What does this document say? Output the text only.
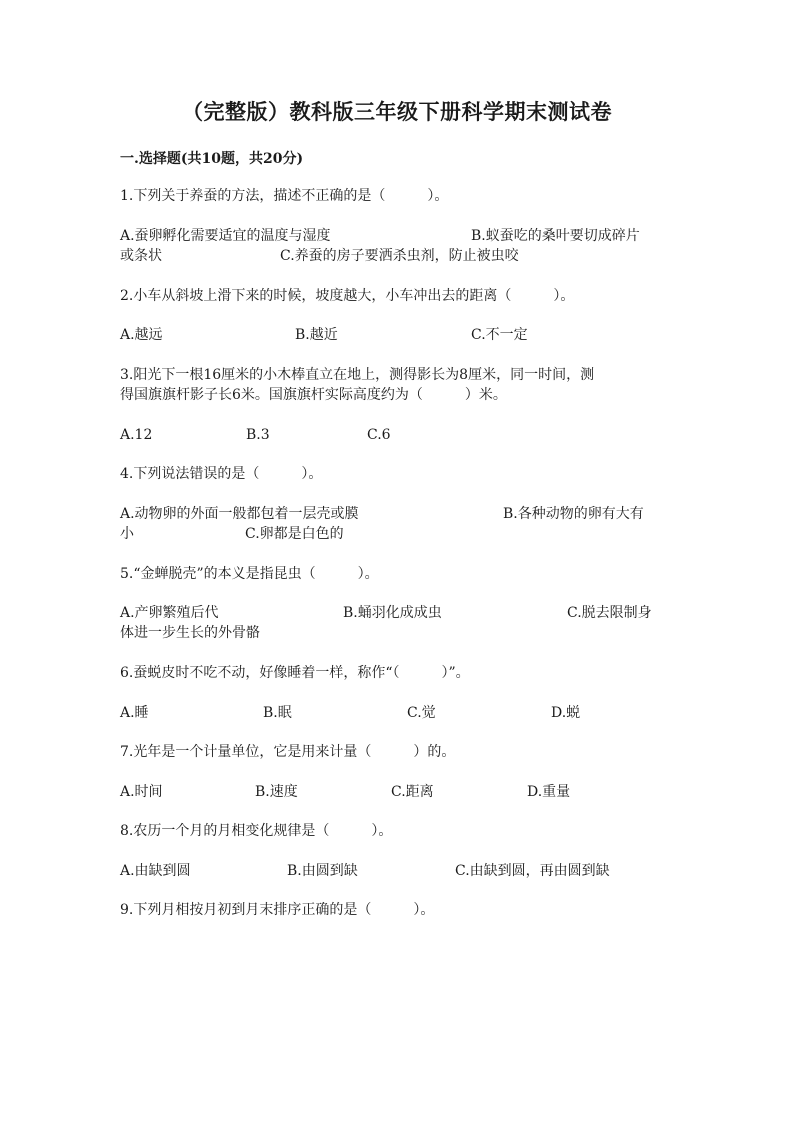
（完整版）教科版三年级下册科学期末测试卷
一.选择题(共10题，共20分)
1.下列关于养蚕的方法，描述不正确的是（　　　）。
A.蚕卵孵化需要适宜的温度与湿度	B.蚁蚕吃的桑叶要切成碎片
或条状	C.养蚕的房子要洒杀虫剂，防止被虫咬
2.小车从斜坡上滑下来的时候，坡度越大，小车冲出去的距离（　　　）。
A.越远	B.越近	C.不一定
3.阳光下一根16厘米的小木棒直立在地上，测得影长为8厘米，同一时间，测
得国旗旗杆影子长6米。国旗旗杆实际高度约为（　　　）米。
A.12	B.3	C.6
4.下列说法错误的是（　　　）。
A.动物卵的外面一般都包着一层壳或膜	B.各种动物的卵有大有
小	C.卵都是白色的
5.“金蝉脱壳”的本义是指昆虫（　　　）。
A.产卵繁殖后代	B.蛹羽化成成虫	C.脱去限制身
体进一步生长的外骨骼
6.蚕蜕皮时不吃不动，好像睡着一样，称作“（　　　）”。
A.睡	B.眠	C.觉	D.蜕
7.光年是一个计量单位，它是用来计量（　　　）的。
A.时间	B.速度	C.距离	D.重量
8.农历一个月的月相变化规律是（　　　）。
A.由缺到圆	B.由圆到缺	C.由缺到圆，再由圆到缺
9.下列月相按月初到月末排序正确的是（　　　）。
